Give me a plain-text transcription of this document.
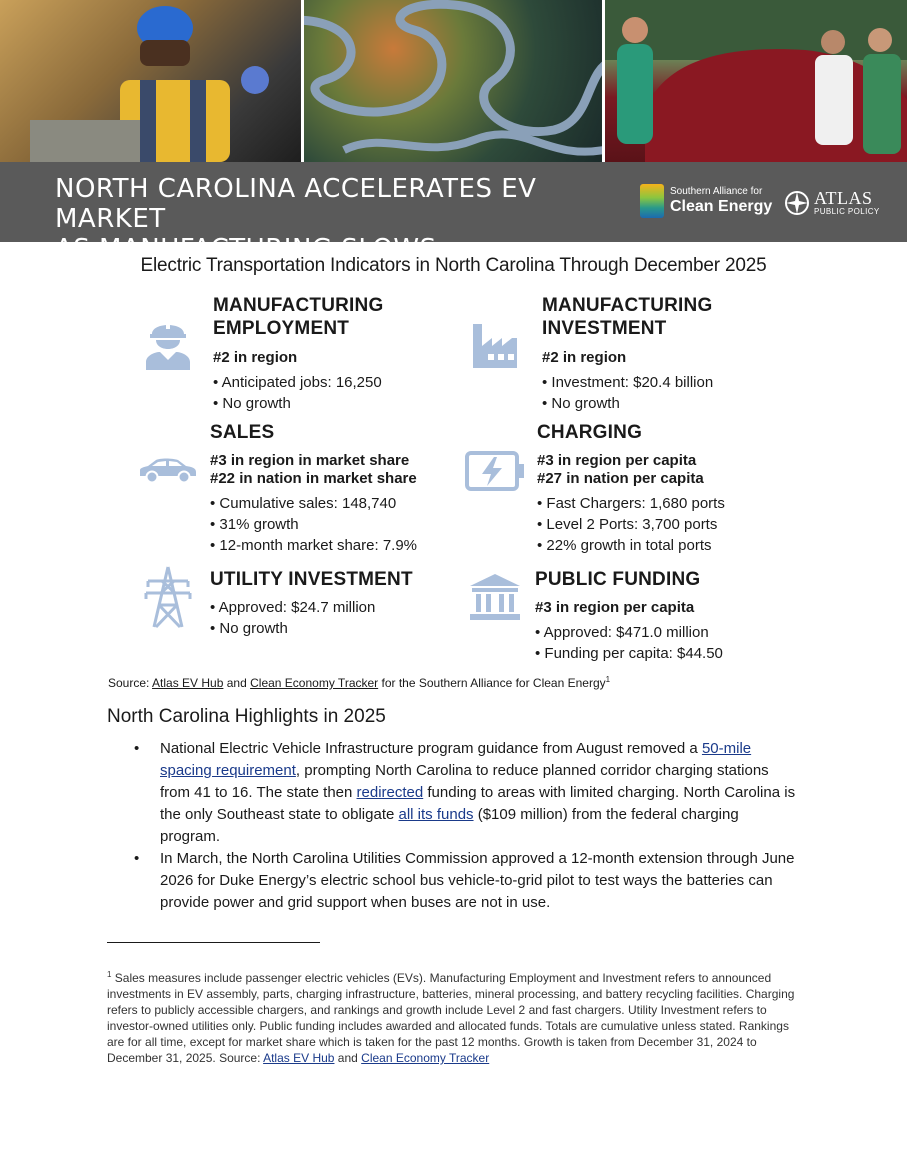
NORTH CAROLINA ACCELERATES EV MARKET
AS MANUFACTURING SLOWS
Southern Alliance for
Clean Energy ATLAS
PUBLIC POLICY
Electric Transportation Indicators in North Carolina Through December 2025
MANUFACTURING
EMPLOYMENT
#2 in region
• Anticipated jobs: 16,250
• No growth
MANUFACTURING
INVESTMENT
#2 in region
• Investment: $20.4 billion
• No growth
SALES
#3 in region in market share
#22 in nation in market share
• Cumulative sales: 148,740
• 31% growth
• 12-month market share: 7.9%
CHARGING
#3 in region per capita
#27 in nation per capita
• Fast Chargers: 1,680 ports
• Level 2 Ports: 3,700 ports
• 22% growth in total ports
UTILITY INVESTMENT
• Approved: $24.7 million
• No growth
PUBLIC FUNDING
#3 in region per capita
• Approved: $471.0 million
• Funding per capita: $44.50
Source: Atlas EV Hub and Clean Economy Tracker for the Southern Alliance for Clean Energy$^1$
North Carolina Highlights in 2025
• National Electric Vehicle Infrastructure program guidance from August removed a 50-mile spacing requirement, prompting North Carolina to reduce planned corridor charging stations from 41 to 16. The state then redirected funding to areas with limited charging. North Carolina is the only Southeast state to obligate all its funds ($109 million) from the federal charging program.
• In March, the North Carolina Utilities Commission approved a 12-month extension through June 2026 for Duke Energy’s electric school bus vehicle-to-grid pilot to test ways the batteries can provide power and grid support when buses are not in use.
$^1$ Sales measures include passenger electric vehicles (EVs). Manufacturing Employment and Investment refers to announced investments in EV assembly, parts, charging infrastructure, batteries, mineral processing, and battery recycling facilities. Charging refers to publicly accessible chargers, and rankings and growth include Level 2 and fast chargers. Utility Investment refers to investor-owned utilities only. Public funding includes awarded and allocated funds. Totals are cumulative unless stated. Rankings are for all time, except for market share which is taken for the past 12 months. Growth is taken from December 31, 2024 to December 31, 2025. Source: Atlas EV Hub and Clean Economy Tracker
